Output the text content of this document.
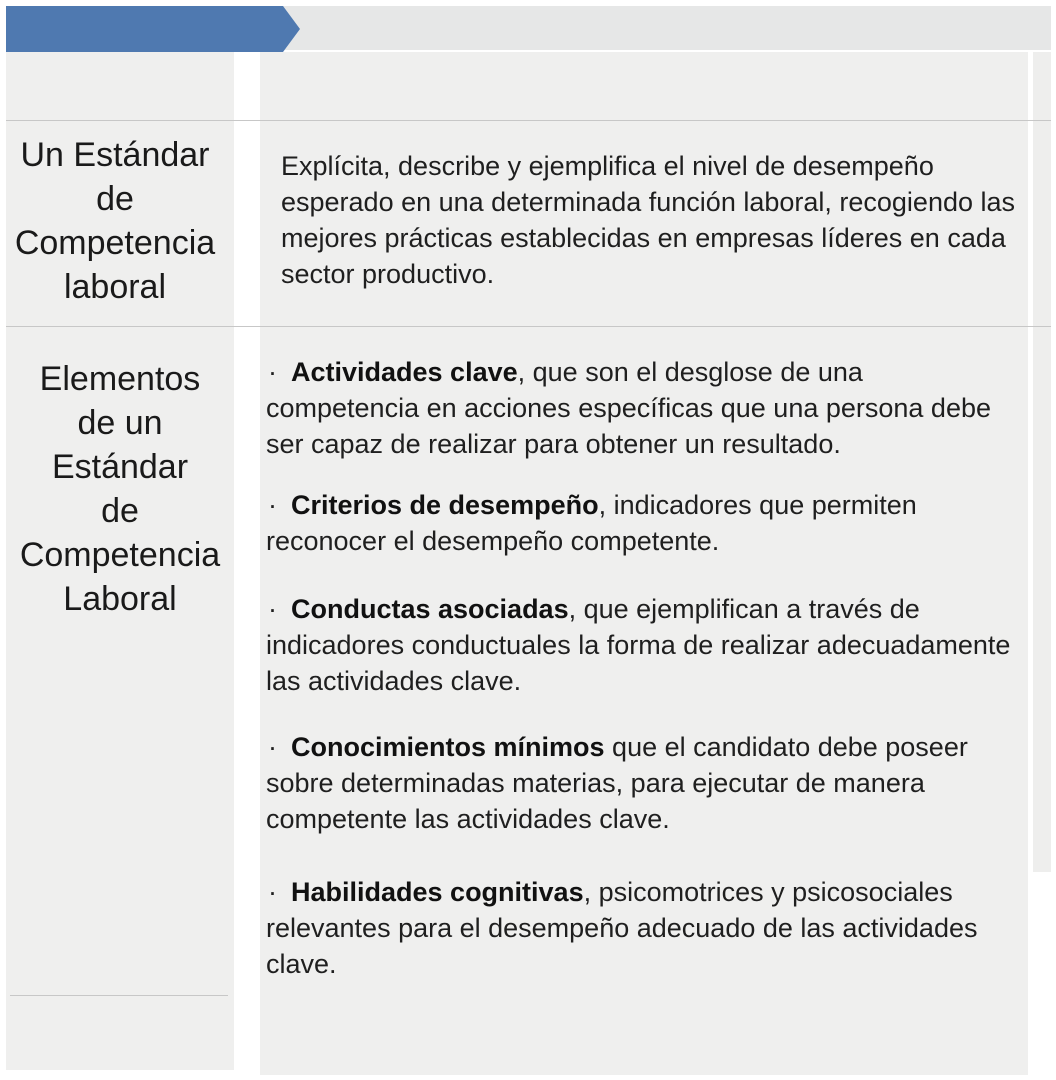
Un Estándar
de
Competencia
laboral
Explícita, describe y ejemplifica el nivel de desempeño esperado en una determinada función laboral, recogiendo las mejores prácticas establecidas en empresas líderes en cada sector productivo.
Elementos
de un
Estándar
de
Competencia
Laboral
· Actividades clave, que son el desglose de una competencia en acciones específicas que una persona debe ser capaz de realizar para obtener un resultado.
· Criterios de desempeño, indicadores que permiten reconocer el desempeño competente.
· Conductas asociadas, que ejemplifican a través de indicadores conductuales la forma de realizar adecuadamente las actividades clave.
· Conocimientos mínimos que el candidato debe poseer sobre determinadas materias, para ejecutar de manera competente las actividades clave.
· Habilidades cognitivas, psicomotrices y psicosociales relevantes para el desempeño adecuado de las actividades clave.
